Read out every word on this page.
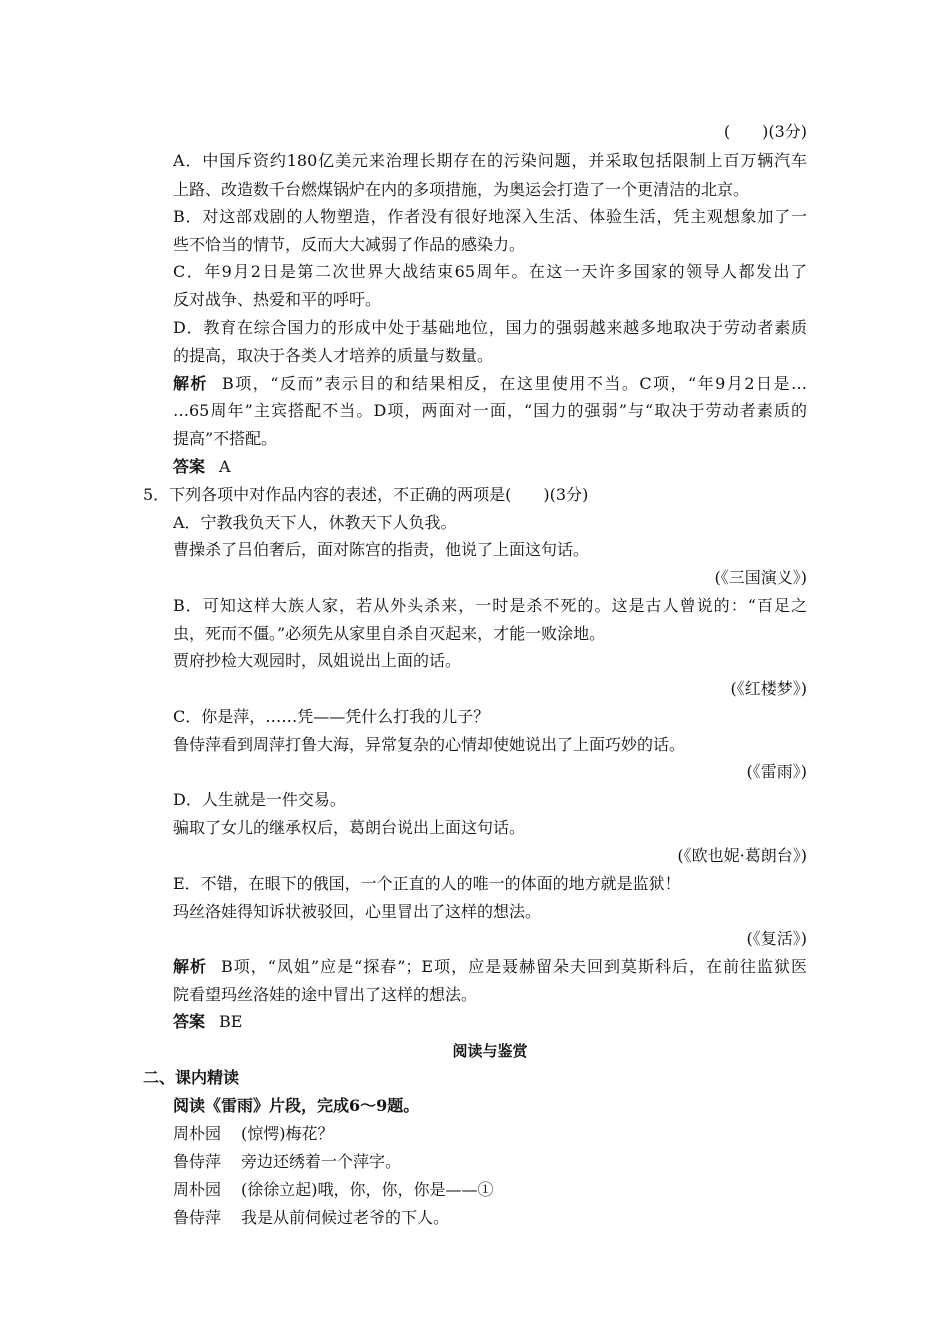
(　　)(3分)
A．中国斥资约180亿美元来治理长期存在的污染问题，并采取包括限制上百万辆汽车
上路、改造数千台燃煤锅炉在内的多项措施，为奥运会打造了一个更清洁的北京。
B．对这部戏剧的人物塑造，作者没有很好地深入生活、体验生活，凭主观想象加了一
些不恰当的情节，反而大大减弱了作品的感染力。
C．年9月2日是第二次世界大战结束65周年。在这一天许多国家的领导人都发出了
反对战争、热爱和平的呼吁。
D．教育在综合国力的形成中处于基础地位，国力的强弱越来越多地取决于劳动者素质
的提高，取决于各类人才培养的质量与数量。
解析 B项，“反而”表示目的和结果相反，在这里使用不当。C项，“年9月2日是…
…65周年”主宾搭配不当。D项，两面对一面，“国力的强弱”与“取决于劳动者素质的
提高”不搭配。
答案 A
5．下列各项中对作品内容的表述，不正确的两项是(　　)(3分)
A．宁教我负天下人，休教天下人负我。
曹操杀了吕伯奢后，面对陈宫的指责，他说了上面这句话。
(《三国演义》)
B．可知这样大族人家，若从外头杀来，一时是杀不死的。这是古人曾说的：“百足之
虫，死而不僵。”必须先从家里自杀自灭起来，才能一败涂地。
贾府抄检大观园时，凤姐说出上面的话。
(《红楼梦》)
C．你是萍，……凭——凭什么打我的儿子？
鲁侍萍看到周萍打鲁大海，异常复杂的心情却使她说出了上面巧妙的话。
(《雷雨》)
D．人生就是一件交易。
骗取了女儿的继承权后，葛朗台说出上面这句话。
(《欧也妮·葛朗台》)
E．不错，在眼下的俄国，一个正直的人的唯一的体面的地方就是监狱！
玛丝洛娃得知诉状被驳回，心里冒出了这样的想法。
(《复活》)
解析 B项，“凤姐”应是“探春”；E项，应是聂赫留朵夫回到莫斯科后，在前往监狱医
院看望玛丝洛娃的途中冒出了这样的想法。
答案 BE
阅读与鉴赏
二、课内精读
阅读《雷雨》片段，完成6～9题。
周朴园 (惊愕)梅花？
鲁侍萍 旁边还绣着一个萍字。
周朴园 (徐徐立起)哦，你，你，你是——①
鲁侍萍 我是从前伺候过老爷的下人。
